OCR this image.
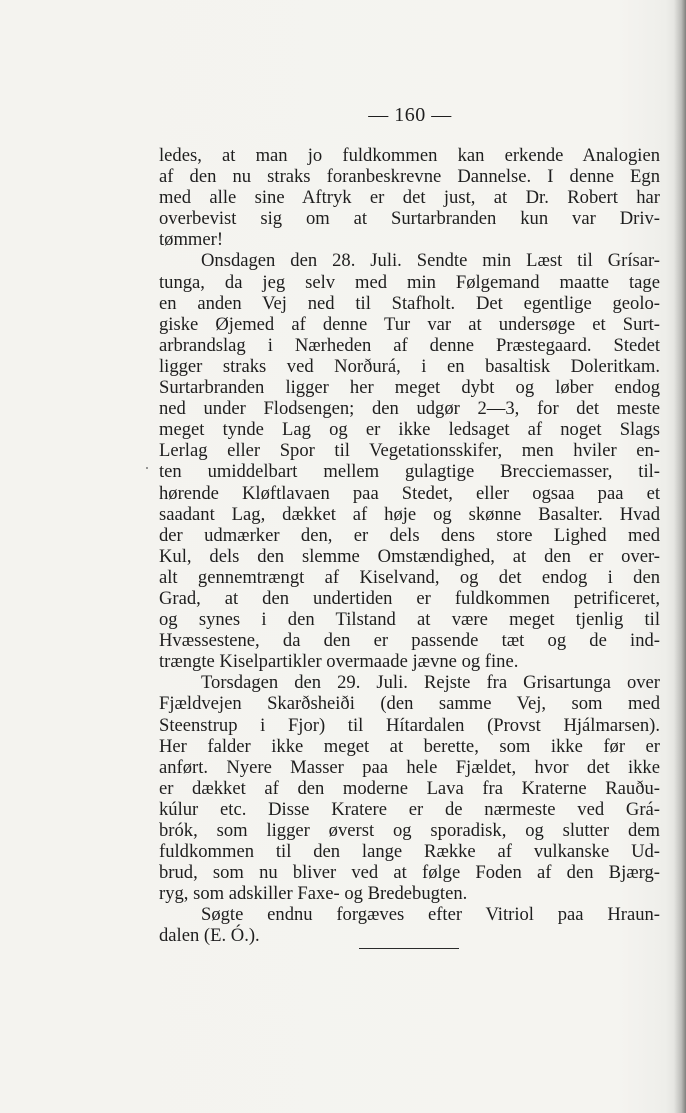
— 160 —
ledes, at man jo fuldkommen kan erkende Analogien
af den nu straks foranbeskrevne Dannelse. I denne Egn
med alle sine Aftryk er det just, at Dr. Robert har
overbevist sig om at Surtarbranden kun var Driv-
tømmer!
Onsdagen den 28. Juli. Sendte min Læst til Grísar-
tunga, da jeg selv med min Følgemand maatte tage
en anden Vej ned til Stafholt. Det egentlige geolo-
giske Øjemed af denne Tur var at undersøge et Surt-
arbrandslag i Nærheden af denne Præstegaard. Stedet
ligger straks ved Norðurá, i en basaltisk Doleritkam.
Surtarbranden ligger her meget dybt og løber endog
ned under Flodsengen; den udgør 2—3, for det meste
meget tynde Lag og er ikke ledsaget af noget Slags
Lerlag eller Spor til Vegetationsskifer, men hviler en-
ten umiddelbart mellem gulagtige Brecciemasser, til-
hørende Kløftlavaen paa Stedet, eller ogsaa paa et
saadant Lag, dækket af høje og skønne Basalter. Hvad
der udmærker den, er dels dens store Lighed med
Kul, dels den slemme Omstændighed, at den er over-
alt gennemtrængt af Kiselvand, og det endog i den
Grad, at den undertiden er fuldkommen petrificeret,
og synes i den Tilstand at være meget tjenlig til
Hvæssestene, da den er passende tæt og de ind-
trængte Kiselpartikler overmaade jævne og fine.
Torsdagen den 29. Juli. Rejste fra Grisartunga over
Fjældvejen Skarðsheiði (den samme Vej, som med
Steenstrup i Fjor) til Hítardalen (Provst Hjálmarsen).
Her falder ikke meget at berette, som ikke før er
anført. Nyere Masser paa hele Fjældet, hvor det ikke
er dækket af den moderne Lava fra Kraterne Rauðu-
kúlur etc. Disse Kratere er de nærmeste ved Grá-
brók, som ligger øverst og sporadisk, og slutter dem
fuldkommen til den lange Række af vulkanske Ud-
brud, som nu bliver ved at følge Foden af den Bjærg-
ryg, som adskiller Faxe- og Bredebugten.
Søgte endnu forgæves efter Vitriol paa Hraun-
dalen (E. Ó.).
